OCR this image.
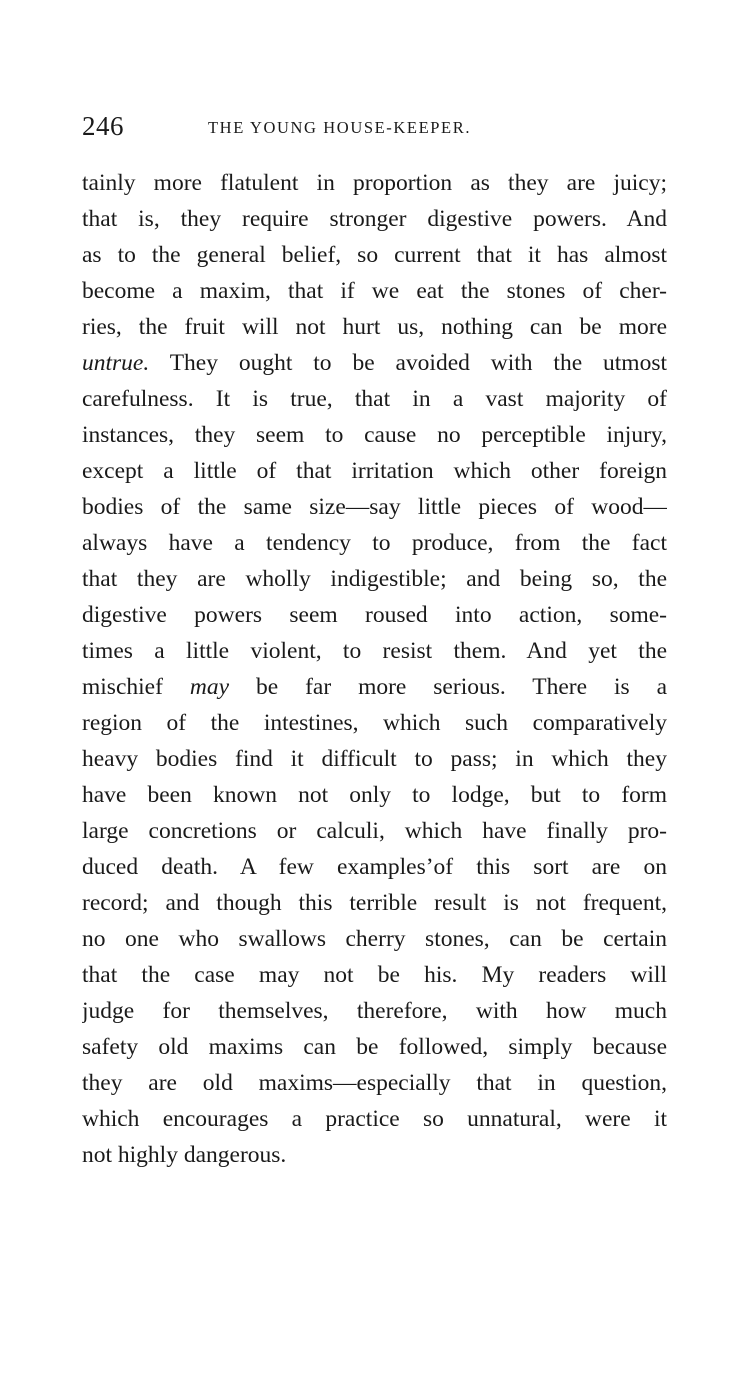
246	THE YOUNG HOUSE-KEEPER.
tainly more flatulent in proportion as they are juicy;
that is, they require stronger digestive powers. And
as to the general belief, so current that it has almost
become a maxim, that if we eat the stones of cher-
ries, the fruit will not hurt us, nothing can be more
untrue. They ought to be avoided with the utmost
carefulness. It is true, that in a vast majority of
instances, they seem to cause no perceptible injury,
except a little of that irritation which other foreign
bodies of the same size—say little pieces of wood—
always have a tendency to produce, from the fact
that they are wholly indigestible; and being so, the
digestive powers seem roused into action, some-
times a little violent, to resist them. And yet the
mischief may be far more serious. There is a
region of the intestines, which such comparatively
heavy bodies find it difficult to pass; in which they
have been known not only to lodge, but to form
large concretions or calculi, which have finally pro-
duced death. A few examples’of this sort are on
record; and though this terrible result is not frequent,
no one who swallows cherry stones, can be certain
that the case may not be his. My readers will
judge for themselves, therefore, with how much
safety old maxims can be followed, simply because
they are old maxims—especially that in question,
which encourages a practice so unnatural, were it
not highly dangerous.
